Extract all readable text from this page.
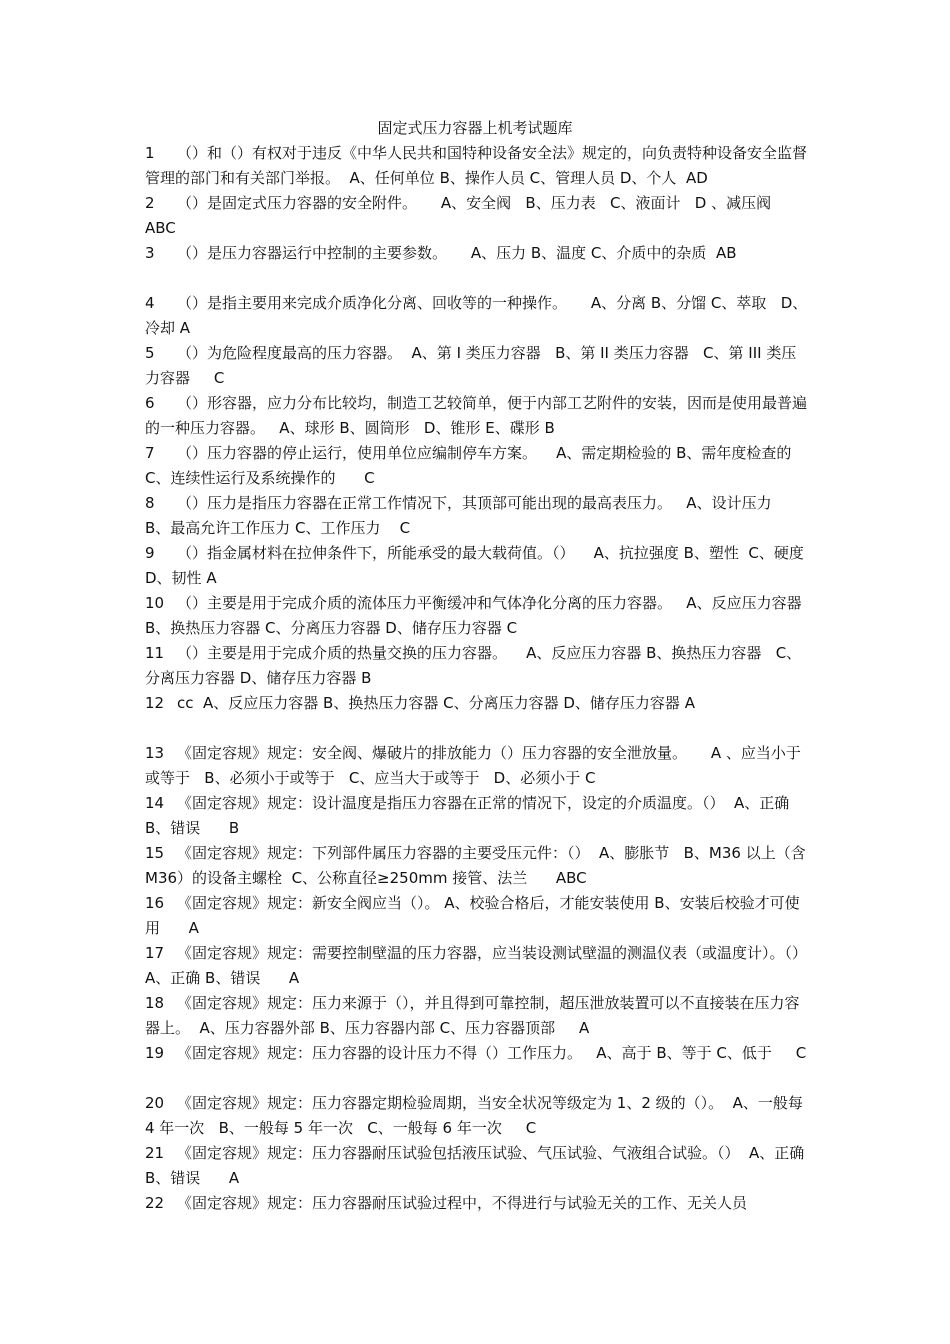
固定式压力容器上机考试题库
1 （）和（）有权对于违反《中华人民共和国特种设备安全法》规定的，向负责特种设备安全监督管理的部门和有关部门举报。  A、任何单位 B、操作人员 C、管理人员 D、个人  AD
2 （）是固定式压力容器的安全附件。     A、安全阀   B、压力表   C、液面计   D 、减压阀  ABC
3 （）是压力容器运行中控制的主要参数。     A、压力 B、温度 C、介质中的杂质  AB
4 （）是指主要用来完成介质净化分离、回收等的一种操作。     A、分离 B、分馏 C、萃取   D、冷却 A
5 （）为危险程度最高的压力容器。  A、第 I 类压力容器   B、第 II 类压力容器   C、第 III 类压力容器     C
6 （）形容器，应力分布比较均，制造工艺较简单，便于内部工艺附件的安装，因而是使用最普遍的一种压力容器。   A、球形 B、圆筒形   D、锥形 E、碟形 B
7 （）压力容器的停止运行，使用单位应编制停车方案。    A、需定期检验的 B、需年度检查的   C、连续性运行及系统操作的      C
8 （）压力是指压力容器在正常工作情况下，其顶部可能出现的最高表压力。   A、设计压力   B、最高允许工作压力 C、工作压力    C
9 （）指金属材料在拉伸条件下，所能承受的最大载荷值。（）    A、抗拉强度 B、塑性  C、硬度 D、韧性 A
10 （）主要是用于完成介质的流体压力平衡缓冲和气体净化分离的压力容器。   A、反应压力容器   B、换热压力容器 C、分离压力容器 D、储存压力容器 C
11 （）主要是用于完成介质的热量交换的压力容器。    A、反应压力容器 B、换热压力容器   C、分离压力容器 D、储存压力容器 B
12 cc  A、反应压力容器 B、换热压力容器 C、分离压力容器 D、储存压力容器 A
13 《固定容规》规定：安全阀、爆破片的排放能力（）压力容器的安全泄放量。     A 、应当小于或等于   B、必须小于或等于   C、应当大于或等于   D、必须小于 C
14 《固定容规》规定：设计温度是指压力容器在正常的情况下，设定的介质温度。（）  A、正确 B、错误      B
15 《固定容规》规定：下列部件属压力容器的主要受压元件：（）  A、膨胀节   B、M36 以上（含 M36）的设备主螺栓  C、公称直径≥250mm 接管、法兰      ABC
16 《固定容规》规定：新安全阀应当（）。 A、校验合格后，才能安装使用 B、安装后校验才可使用      A
17 《固定容规》规定：需要控制壁温的压力容器，应当装设测试壁温的测温仪表（或温度计）。（）    A、正确 B、错误      A
18 《固定容规》规定：压力来源于（），并且得到可靠控制，超压泄放装置可以不直接装在压力容器上。  A、压力容器外部 B、压力容器内部 C、压力容器顶部     A
19 《固定容规》规定：压力容器的设计压力不得（）工作压力。   A、高于 B、等于 C、低于     C
20 《固定容规》规定：压力容器定期检验周期，当安全状况等级定为 1、2 级的（）。  A、一般每 4 年一次   B、一般每 5 年一次   C、一般每 6 年一次     C
21 《固定容规》规定：压力容器耐压试验包括液压试验、气压试验、气液组合试验。（）  A、正确 B、错误      A
22 《固定容规》规定：压力容器耐压试验过程中，不得进行与试验无关的工作、无关人员
